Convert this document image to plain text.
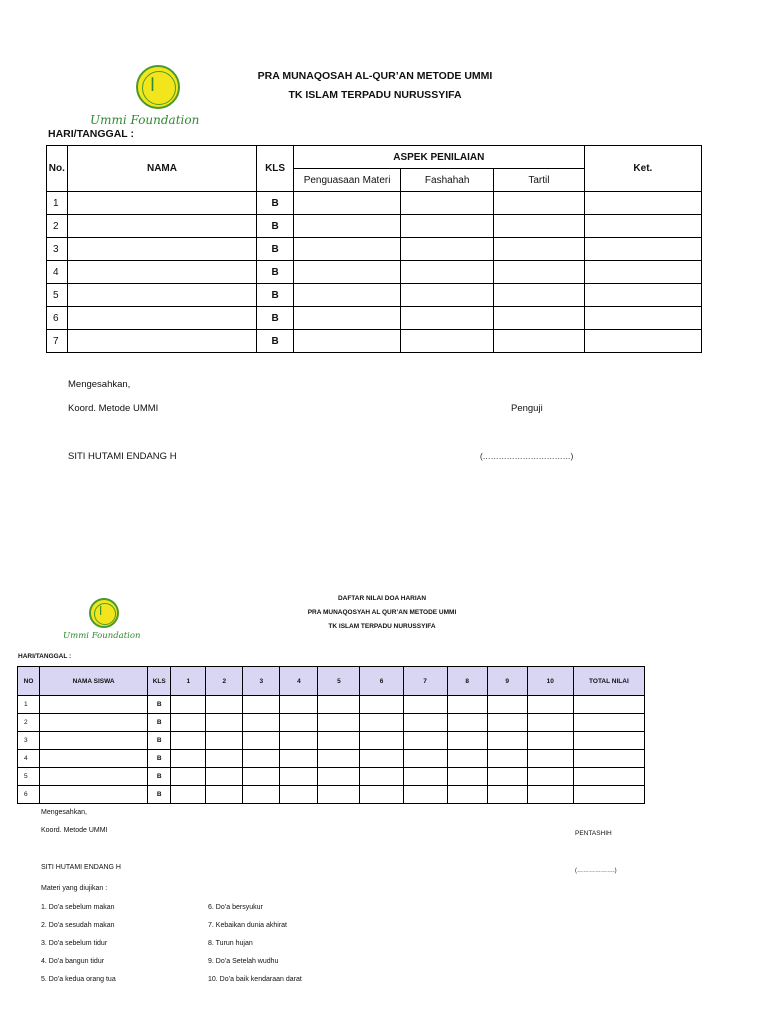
ا
Ummi Foundation
PRA MUNAQOSAH AL-QUR’AN METODE UMMI
TK ISLAM TERPADU NURUSSYIFA
HARI/TANGGAL :
No.	NAMA	KLS	ASPEK PENILAIAN			Ket.
			Penguasaan Materi	Fashahah	Tartil	
1		B				
2		B				
3		B				
4		B				
5		B				
6		B				
7		B				
Mengesahkan,
Koord. Metode UMMI	Penguji
SITI HUTAMI ENDANG H	(……………………………)
ا
Ummi Foundation
DAFTAR NILAI DOA HARIAN
PRA MUNAQOSYAH AL QUR’AN METODE UMMI
TK ISLAM TERPADU NURUSSYIFA
HARI/TANGGAL :
NO	NAMA SISWA	KLS	1	2	3	4	5	6	7	8	9	10	TOTAL NILAI
1		B											
2		B											
3		B											
4		B											
5		B											
6		B											
Mengesahkan,
Koord. Metode UMMI	PENTASHIH
SITI HUTAMI ENDANG H	(……………….)
Materi yang diujikan :
1. Do’a sebelum makan
2. Do’a sesudah makan
3. Do’a sebelum tidur
4. Do’a bangun tidur
5. Do’a kedua orang tua
6. Do’a bersyukur
7. Kebaikan dunia akhirat
8. Turun hujan
9. Do’a Setelah wudhu
10. Do’a baik kendaraan darat
